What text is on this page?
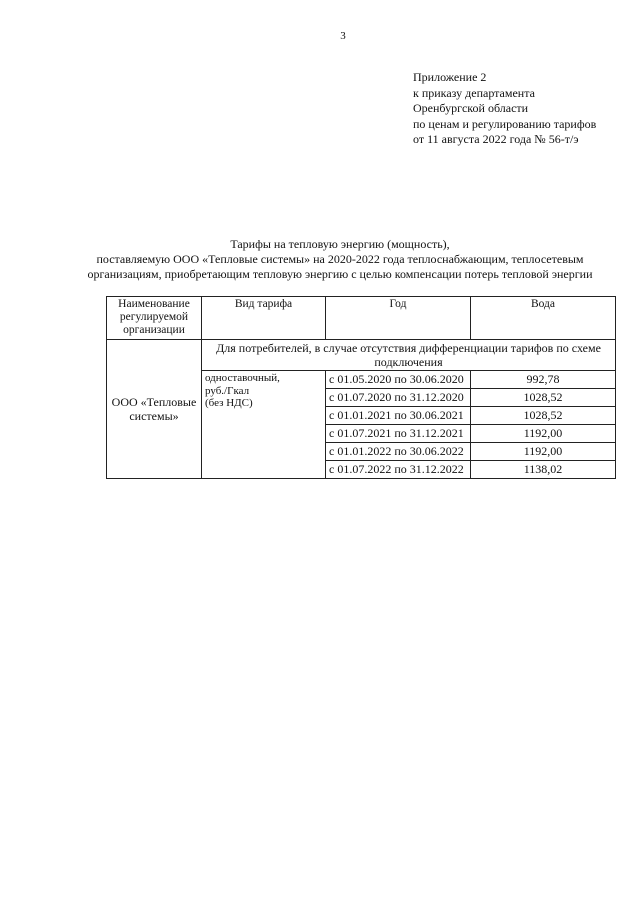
3
Приложение 2
к приказу департамента
Оренбургской области
по ценам и регулированию тарифов
от 11 августа 2022 года № 56-т/э
Тарифы на тепловую энергию (мощность),
поставляемую ООО «Тепловые системы» на 2020-2022 года теплоснабжающим, теплосетевым
организациям, приобретающим тепловую энергию с целью компенсации потерь тепловой энергии
Наименование регулируемой организации	Вид тарифа	Год	Вода
ООО «Тепловые системы»	Для потребителей, в случае отсутствия дифференциации тарифов по схеме подключения		

	одноставочный,
руб./Гкал
(без НДС)	с 01.05.2020 по 30.06.2020	992,78
		с 01.07.2020 по 31.12.2020	1028,52
		с 01.01.2021 по 30.06.2021	1028,52
		с 01.07.2021 по 31.12.2021	1192,00
		с 01.01.2022 по 30.06.2022	1192,00
		с 01.07.2022 по 31.12.2022	1138,02
